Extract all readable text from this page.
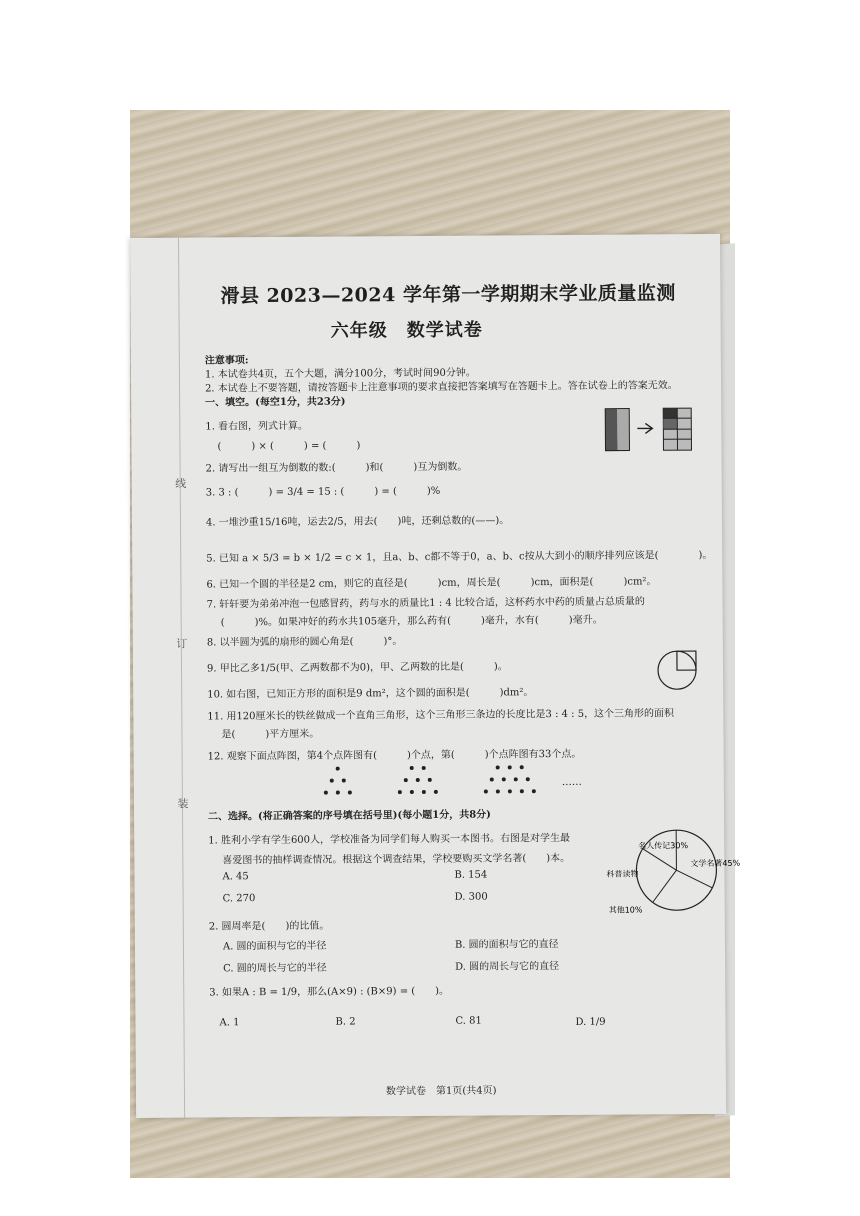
线
订
装
滑县 2023—2024 学年第一学期期末学业质量监测
六年级　数学试卷
注意事项:
1. 本试卷共4页，五个大题，满分100分，考试时间90分钟。
2. 本试卷上不要答题，请按答题卡上注意事项的要求直接把答案填写在答题卡上。答在试卷上的答案无效。
一、填空。(每空1分，共23分)
1. 看右图，列式计算。
(　　　) × (　　　) = (　　　)
2. 请写出一组互为倒数的数:(　　　)和(　　　)互为倒数。
3. 3 : (　　　) = 3/4 = 15 : (　　　) = (　　　)%
4. 一堆沙重15/16吨，运去2/5，用去(　　)吨，还剩总数的(——)。
5. 已知 a × 5/3 = b × 1/2 = c × 1，且a、b、c都不等于0，a、b、c按从大到小的顺序排列应该是(　　　　)。
6. 已知一个圆的半径是2 cm，则它的直径是(　　　)cm，周长是(　　　)cm，面积是(　　　)cm²。
7. 轩轩要为弟弟冲泡一包感冒药，药与水的质量比1 : 4 比较合适，这杯药水中药的质量占总质量的
(　　　)%。如果冲好的药水共105毫升，那么药有(　　　)毫升，水有(　　　)毫升。
8. 以半圆为弧的扇形的圆心角是(　　　)°。
9. 甲比乙多1/5(甲、乙两数都不为0)，甲、乙两数的比是(　　　)。
10. 如右图，已知正方形的面积是9 dm²，这个圆的面积是(　　　)dm²。
11. 用120厘米长的铁丝做成一个直角三角形，这个三角形三条边的长度比是3 : 4 : 5，这个三角形的面积
是(　　　)平方厘米。
12. 观察下面点阵图，第4个点阵图有(　　　)个点，第(　　　)个点阵图有33个点。
……
二、选择。(将正确答案的序号填在括号里)(每小题1分，共8分)
1. 胜利小学有学生600人，学校准备为同学们每人购买一本图书。右图是对学生最
喜爱图书的抽样调查情况。根据这个调查结果，学校要购买文学名著(　　)本。
A. 45	B. 154
C. 270	D. 300
名人传记30%
文学名著45%
科普读物
其他10%
2. 圆周率是(　　)的比值。
A. 圆的面积与它的半径	B. 圆的面积与它的直径
C. 圆的周长与它的半径	D. 圆的周长与它的直径
3. 如果A : B = 1/9，那么(A×9) : (B×9) = (　　)。
A. 1	B. 2	C. 81	D. 1/9
数学试卷　第1页(共4页)
